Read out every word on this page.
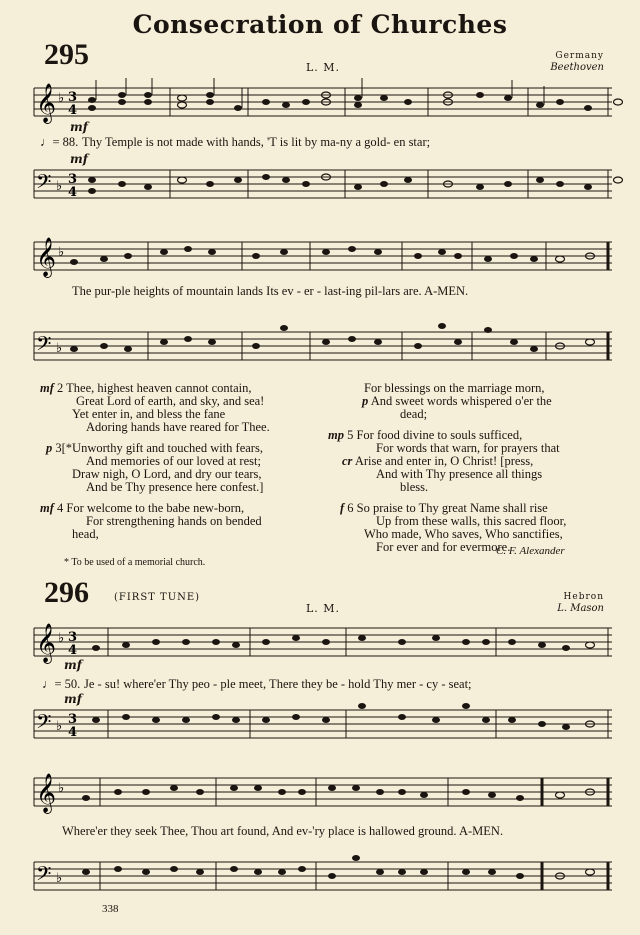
Consecration of Churches
295	L. M.
Germany
Beethoven
𝄞 ♭ 3
4
mf
♩= 88. Thy Temple is not made with hands, 'T is lit by ma-ny a gold- en star;
𝄢 ♭ 3
4
mf
𝄞 ♭
The pur-ple heights of mountain lands Its ev - er - last-ing pil-lars are. A-MEN.
𝄢 ♭
mf 2 Thee, highest heaven cannot contain,
Great Lord of earth, and sky, and sea!
Yet enter in, and bless the fane
Adoring hands have reared for Thee.
p 3[*Unworthy gift and touched with fears,
And memories of our loved at rest;
Draw nigh, O Lord, and dry our tears,
And be Thy presence here confest.]
mf 4 For welcome to the babe new-born,
For strengthening hands on bended
head,
For blessings on the marriage morn,
p And sweet words whispered o'er the
dead;
mp 5 For food divine to souls sufficed,
For words that warn, for prayers that
cr Arise and enter in, O Christ! [press,
And with Thy presence all things
bless.
f 6 So praise to Thy great Name shall rise
Up from these walls, this sacred floor,
Who made, Who saves, Who sanctifies,
For ever and for evermore.
* To be used of a memorial church.
C. F. Alexander
296	(FIRST TUNE)
L. M.
Hebron
L. Mason
𝄞 ♭ 3
4
mf
♩= 50. Je - su! where'er Thy peo - ple meet, There they be - hold Thy mer - cy - seat;
𝄢 ♭ 3
4
mf
𝄞 ♭
Where'er they seek Thee, Thou art found, And ev-'ry place is hallowed ground. A-MEN.
𝄢 ♭
338
